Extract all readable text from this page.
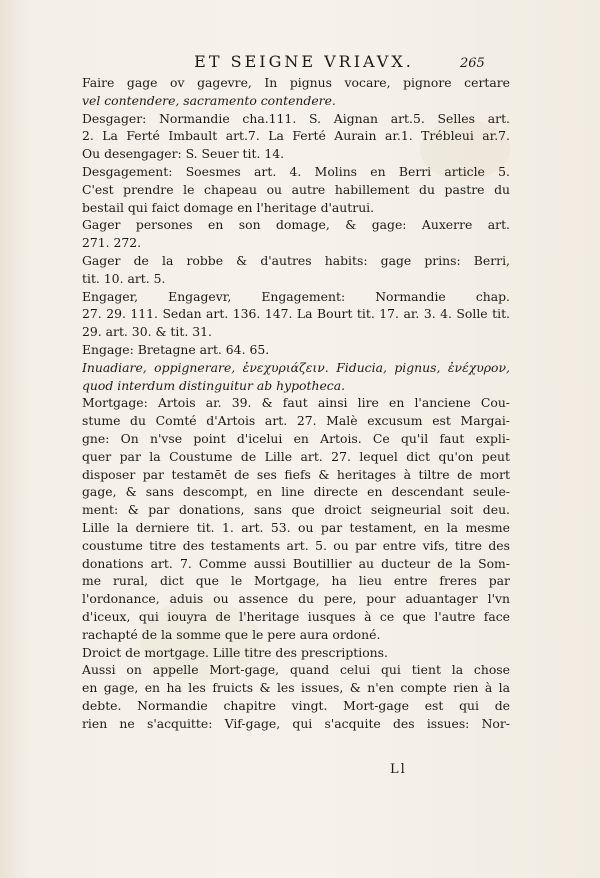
ET SEIGNE VRIAVX.	265
Faire gage ov gagevre, In pignus vocare, pignore certare
vel contendere, sacramento contendere.
Desgager: Normandie cha.111. S. Aignan art.5. Selles art.
2. La Ferté Imbault art.7. La Ferté Aurain ar.1. Trébleui ar.7.
Ou desengager: S. Seuer tit. 14.
Desgagement: Soesmes art. 4. Molins en Berri article 5.
C'est prendre le chapeau ou autre habillement du pastre du
bestail qui faict domage en l'heritage d'autrui.
Gager persones en son domage, & gage: Auxerre art.
271. 272.
Gager de la robbe & d'autres habits: gage prins: Berri,
tit. 10. art. 5.
Engager, Engagevr, Engagement: Normandie chap.
27. 29. 111. Sedan art. 136. 147. La Bourt tit. 17. ar. 3. 4. Solle tit.
29. art. 30. & tit. 31.
Engage: Bretagne art. 64. 65.
Inuadiare, oppignerare, ἐνεχυριάζειν. Fiducia, pignus, ἐνέχυρον,
quod interdum distinguitur ab hypotheca.
Mortgage: Artois ar. 39. & faut ainsi lire en l'anciene Cou-
stume du Comté d'Artois art. 27. Malè excusum est Margai-
gne: On n'vse point d'icelui en Artois. Ce qu'il faut expli-
quer par la Coustume de Lille art. 27. lequel dict qu'on peut
disposer par testamēt de ses fiefs & heritages à tiltre de mort
gage, & sans descompt, en line directe en descendant seule-
ment: & par donations, sans que droict seigneurial soit deu.
Lille la derniere tit. 1. art. 53. ou par testament, en la mesme
coustume titre des testaments art. 5. ou par entre vifs, titre des
donations art. 7. Comme aussi Boutillier au ducteur de la Som-
me rural, dict que le Mortgage, ha lieu entre freres par
l'ordonance, aduis ou assence du pere, pour aduantager l'vn
d'iceux, qui iouyra de l'heritage iusques à ce que l'autre face
rachapté de la somme que le pere aura ordoné.
Droict de mortgage. Lille titre des prescriptions.
Aussi on appelle Mort-gage, quand celui qui tient la chose
en gage, en ha les fruicts & les issues, & n'en compte rien à la
debte. Normandie chapitre vingt. Mort-gage est qui de
rien ne s'acquitte: Vif-gage, qui s'acquite des issues: Nor-
Ll
